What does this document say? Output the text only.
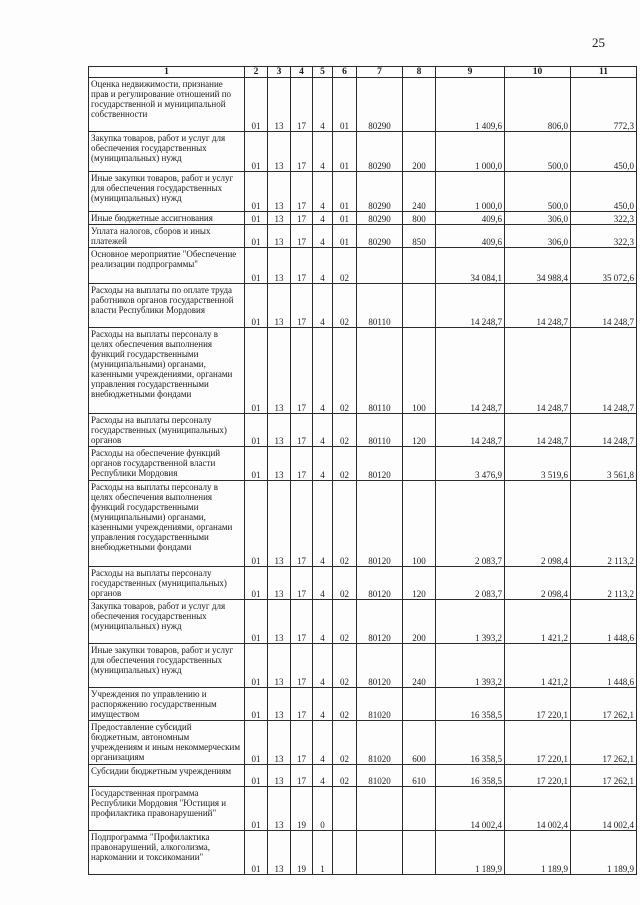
25
1	2	3	4	5	6	7	8	9	10	11
Оценка недвижимости, признание прав и регулирование отношений по государственной и муниципальной собственности	01	13	17	4	01	80290		1 409,6	806,0	772,3
Закупка товаров, работ и услуг для обеспечения государственных (муниципальных) нужд	01	13	17	4	01	80290	200	1 000,0	500,0	450,0
Иные закупки товаров, работ и услуг для обеспечения государственных (муниципальных) нужд	01	13	17	4	01	80290	240	1 000,0	500,0	450,0
Иные бюджетные ассигнования	01	13	17	4	01	80290	800	409,6	306,0	322,3
Уплата налогов, сборов и иных платежей	01	13	17	4	01	80290	850	409,6	306,0	322,3
Основное мероприятие "Обеспечение реализации подпрограммы"	01	13	17	4	02			34 084,1	34 988,4	35 072,6
Расходы на выплаты по оплате труда работников органов государственной власти Республики Мордовия	01	13	17	4	02	80110		14 248,7	14 248,7	14 248,7
Расходы на выплаты персоналу в целях обеспечения выполнения функций государственными (муниципальными) органами, казенными учреждениями, органами управления государственными внебюджетными фондами	01	13	17	4	02	80110	100	14 248,7	14 248,7	14 248,7
Расходы на выплаты персоналу государственных (муниципальных) органов	01	13	17	4	02	80110	120	14 248,7	14 248,7	14 248,7
Расходы на обеспечение функций органов государственной власти Республики Мордовия	01	13	17	4	02	80120		3 476,9	3 519,6	3 561,8
Расходы на выплаты персоналу в целях обеспечения выполнения функций государственными (муниципальными) органами, казенными учреждениями, органами управления государственными внебюджетными фондами	01	13	17	4	02	80120	100	2 083,7	2 098,4	2 113,2
Расходы на выплаты персоналу государственных (муниципальных) органов	01	13	17	4	02	80120	120	2 083,7	2 098,4	2 113,2
Закупка товаров, работ и услуг для обеспечения государственных (муниципальных) нужд	01	13	17	4	02	80120	200	1 393,2	1 421,2	1 448,6
Иные закупки товаров, работ и услуг для обеспечения государственных (муниципальных) нужд	01	13	17	4	02	80120	240	1 393,2	1 421,2	1 448,6
Учреждения по управлению и распоряжению государственным имуществом	01	13	17	4	02	81020		16 358,5	17 220,1	17 262,1
Предоставление субсидий бюджетным, автономным учреждениям и иным некоммерческим организациям	01	13	17	4	02	81020	600	16 358,5	17 220,1	17 262,1
Субсидии бюджетным учреждениям	01	13	17	4	02	81020	610	16 358,5	17 220,1	17 262,1
Государственная программа Республики Мордовия "Юстиция и профилактика правонарушений"	01	13	19	0				14 002,4	14 002,4	14 002,4
Подпрограмма "Профилактика правонарушений, алкоголизма, наркомании и токсикомании"	01	13	19	1				1 189,9	1 189,9	1 189,9
